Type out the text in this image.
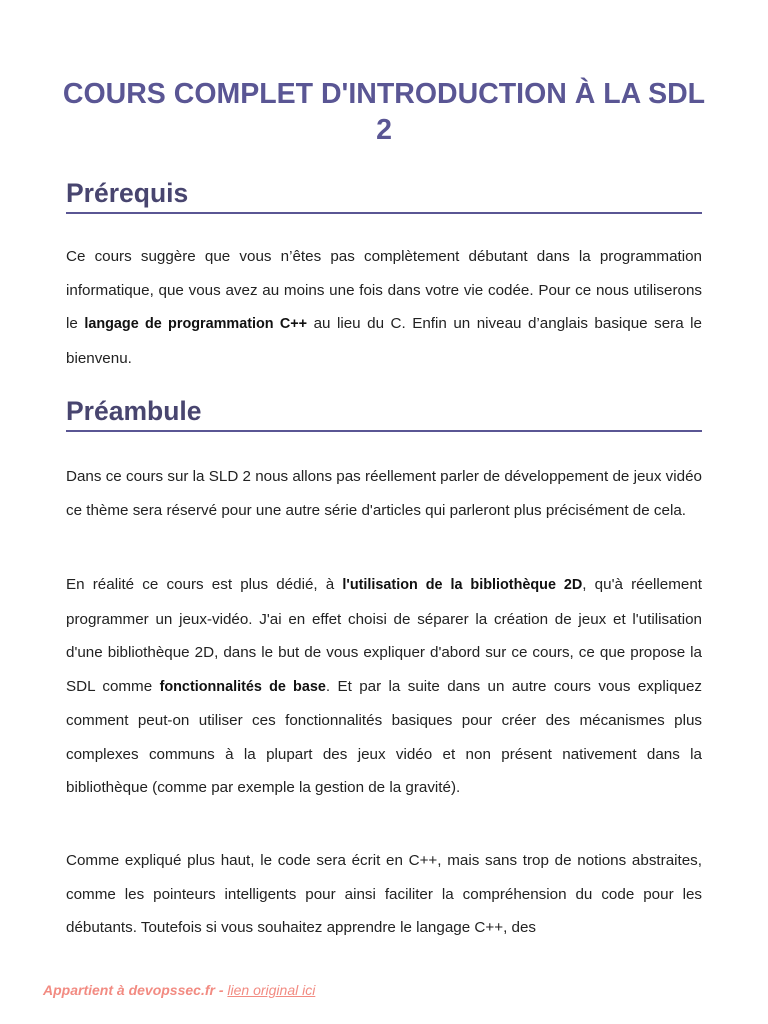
COURS COMPLET D'INTRODUCTION À LA SDL 2
Prérequis

Ce cours suggère que vous n’êtes pas complètement débutant dans la programmation informatique, que vous avez au moins une fois dans votre vie codée. Pour ce nous utiliserons le langage de programmation C++ au lieu du C. Enfin un niveau d’anglais basique sera le bienvenu.

Préambule

Dans ce cours sur la SLD 2 nous allons pas réellement parler de développement de jeux vidéo ce thème sera réservé pour une autre série d'articles qui parleront plus précisément de cela.

En réalité ce cours est plus dédié, à l'utilisation de la bibliothèque 2D, qu'à réellement programmer un jeux-vidéo. J'ai en effet choisi de séparer la création de jeux et l'utilisation d'une bibliothèque 2D, dans le but de vous expliquer d'abord sur ce cours, ce que propose la SDL comme fonctionnalités de base. Et par la suite dans un autre cours vous expliquez comment peut-on utiliser ces fonctionnalités basiques pour créer des mécanismes plus complexes communs à la plupart des jeux vidéo et non présent nativement dans la bibliothèque (comme par exemple la gestion de la gravité).

Comme expliqué plus haut, le code sera écrit en C++, mais sans trop de notions abstraites, comme les pointeurs intelligents pour ainsi faciliter la compréhension du code pour les débutants. Toutefois si vous souhaitez apprendre le langage C++, des

Appartient à devopssec.fr - lien original ici
